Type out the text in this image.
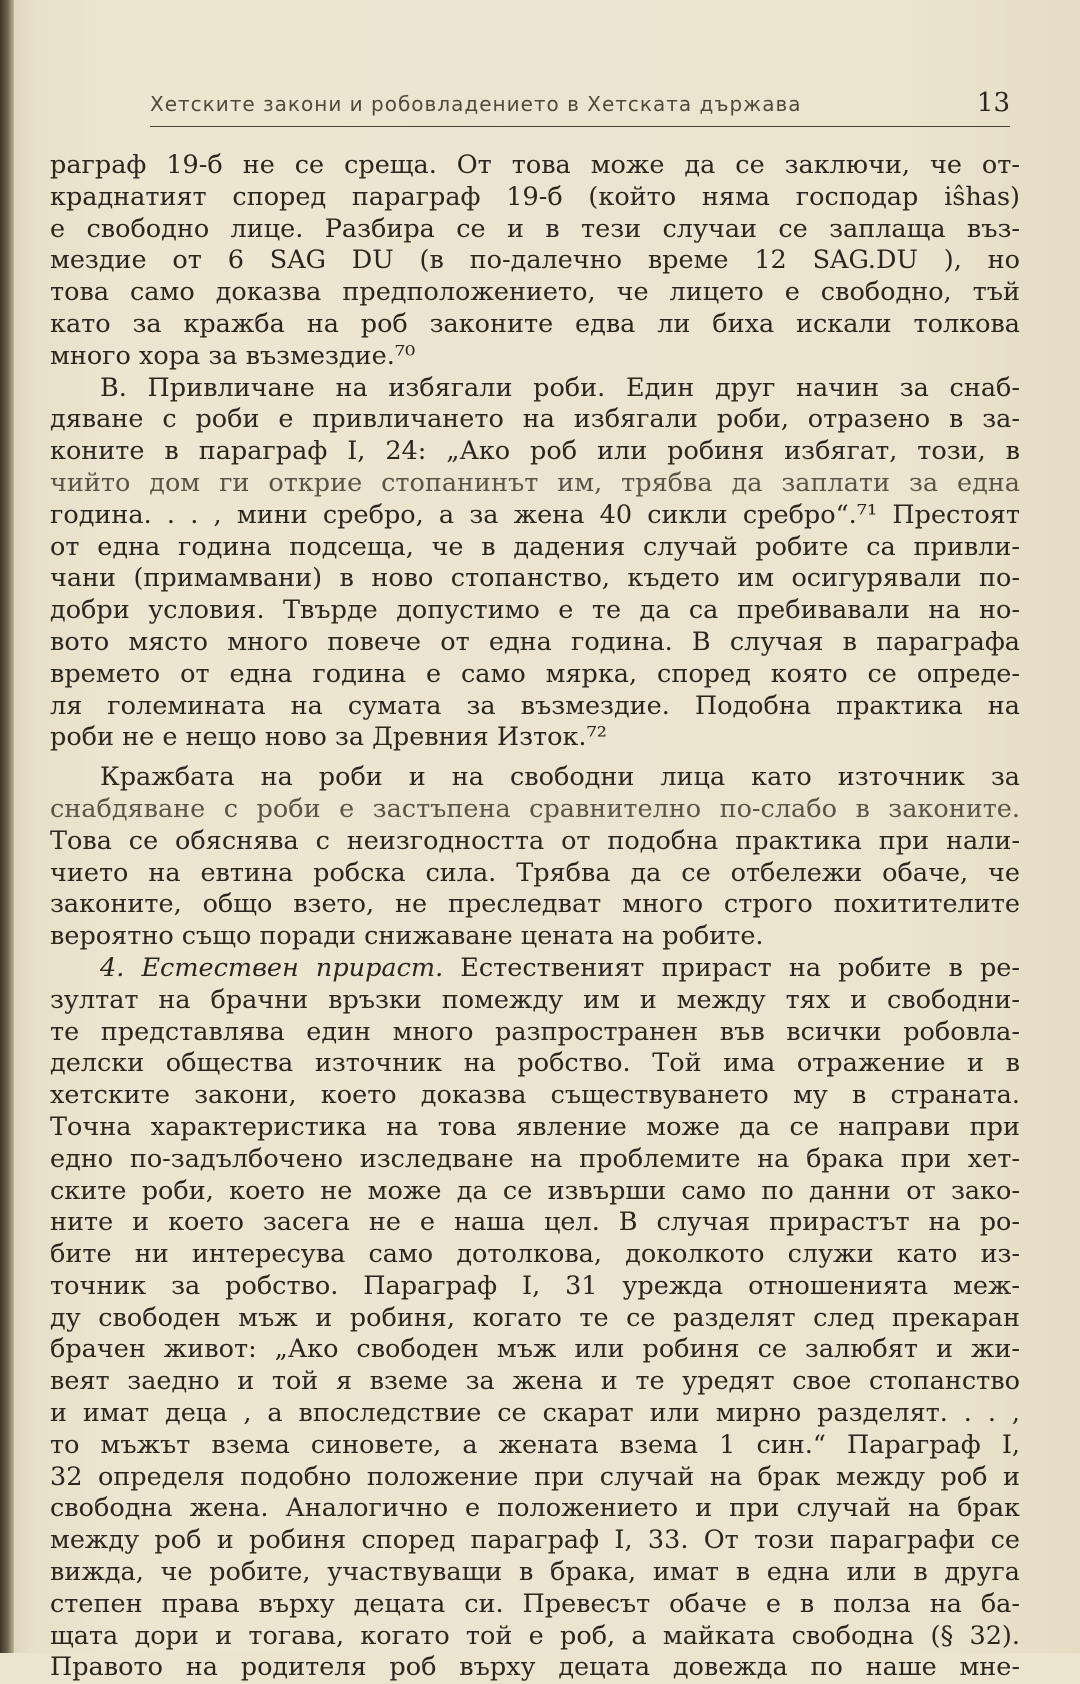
Хетските закони и робовладението в Хетската държава	13
раграф 19-б не се среща. От това може да се заключи, че от-
краднатият според параграф 19-б (който няма господар iŝhas)
е свободно лице. Разбира се и в тези случаи се заплаща въз-
мездие от 6 SAG DU (в по-далечно време 12 SAG.DU ), но
това само доказва предположението, че лицето е свободно, тъй
като за кражба на роб законите едва ли биха искали толкова
много хора за възмездие.⁷⁰
В. Привличане на избягали роби. Един друг начин за снаб-
дяване с роби е привличането на избягали роби, отразено в за-
коните в параграф I, 24: „Ако роб или робиня избягат, този, в
чийто дом ги открие стопанинът им, трябва да заплати за една
година. . . , мини сребро, а за жена 40 сикли сребро“.⁷¹ Престоят
от една година подсеща, че в дадения случай робите са привли-
чани (примамвани) в ново стопанство, където им осигурявали по-
добри условия. Твърде допустимо е те да са пребивавали на но-
вото място много повече от една година. В случая в параграфа
времето от една година е само мярка, според която се опреде-
ля големината на сумата за възмездие. Подобна практика на
роби не е нещо ново за Древния Изток.⁷²
Кражбата на роби и на свободни лица като източник за
снабдяване с роби е застъпена сравнително по-слабо в законите.
Това се обяснява с неизгодността от подобна практика при нали-
чието на евтина робска сила. Трябва да се отбележи обаче, че
законите, общо взето, не преследват много строго похитителите
вероятно също поради снижаване цената на робите.
4. Естествен прираст. Естественият прираст на робите в ре-
зултат на брачни връзки помежду им и между тях и свободни-
те представлява един много разпространен във всички робовла-
делски общества източник на робство. Той има отражение и в
хетските закони, което доказва съществуването му в страната.
Точна характеристика на това явление може да се направи при
едно по-задълбочено изследване на проблемите на брака при хет-
ските роби, което не може да се извърши само по данни от зако-
ните и което засега не е наша цел. В случая прирастът на ро-
бите ни интересува само дотолкова, доколкото служи като из-
точник за робство. Параграф I, 31 урежда отношенията меж-
ду свободен мъж и робиня, когато те се разделят след прекаран
брачен живот: „Ако свободен мъж или робиня се залюбят и жи-
веят заедно и той я вземе за жена и те уредят свое стопанство
и имат деца , а впоследствие се скарат или мирно разделят. . . ,
то мъжът взема синовете, а жената взема 1 син.“ Параграф I,
32 определя подобно положение при случай на брак между роб и
свободна жена. Аналогично е положението и при случай на брак
между роб и робиня според параграф I, 33. От този параграфи се
вижда, че робите, участвуващи в брака, имат в една или в друга
степен права върху децата си. Превесът обаче е в полза на ба-
щата дори и тогава, когато той е роб, а майката свободна (§ 32).
Правото на родителя роб върху децата довежда по наше мне-
